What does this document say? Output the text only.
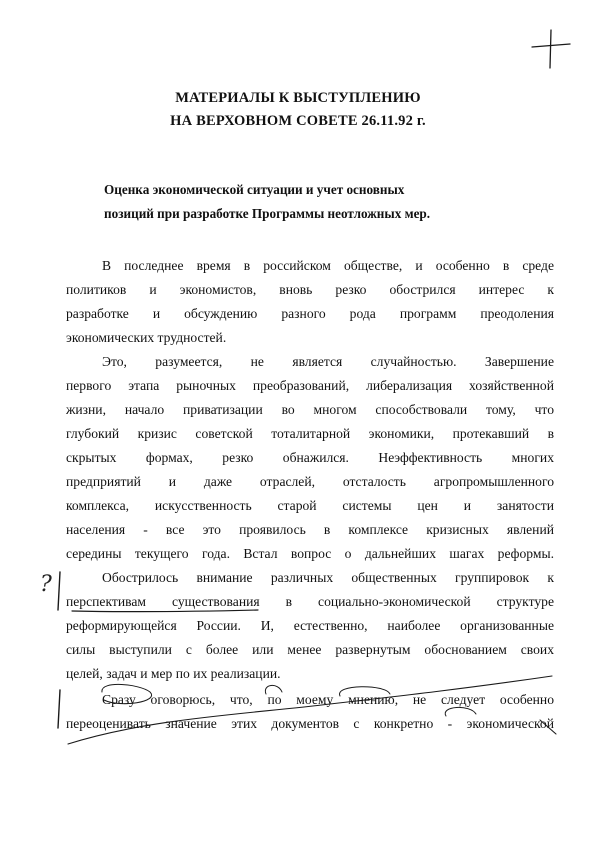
МАТЕРИАЛЫ К ВЫСТУПЛЕНИЮ
НА ВЕРХОВНОМ СОВЕТЕ 26.11.92 г.
Оценка экономической ситуации и учет основных
позиций при разработке Программы неотложных мер.
В последнее время в российском обществе, и особенно в среде
политиков и экономистов, вновь резко обострился интерес к
разработке и обсуждению разного рода программ преодоления
экономических трудностей.
Это, разумеется, не является случайностью. Завершение
первого этапа рыночных преобразований, либерализация хозяйственной
жизни, начало приватизации во многом способствовали тому, что
глубокий кризис советской тоталитарной экономики, протекавший в
скрытых формах, резко обнажился. Неэффективность многих
предприятий и даже отраслей, отсталость агропромышленного
комплекса, искусственность старой системы цен и занятости
населения - все это проявилось в комплексе кризисных явлений
середины текущего года. Встал вопрос о дальнейших шагах реформы.
Обострилось внимание различных общественных группировок к
перспективам существования в социально-экономической структуре
реформирующейся России. И, естественно, наиболее организованные
силы выступили с более или менее развернутым обоснованием своих
целей, задач и мер по их реализации.
Сразу оговорюсь, что, по моему мнению, не следует особенно
переоценивать значение этих документов с конкретно - экономической
?
